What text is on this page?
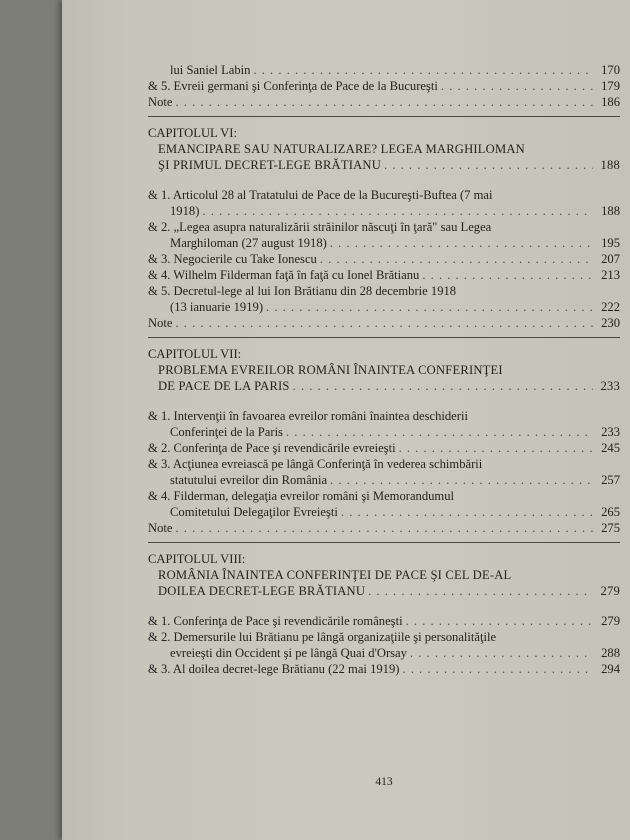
lui Saniel Labin . . .	170
& 5. Evreii germani şi Conferinţa de Pace de la Bucureşti . . .	179
Note . . .	186
CAPITOLUL VI:
EMANCIPARE SAU NATURALIZARE? LEGEA MARGHILOMAN
ŞI PRIMUL DECRET-LEGE BRĂTIANU . . .	188
& 1. Articolul 28 al Tratatului de Pace de la Bucureşti-Buftea (7 mai
1918) . . .	188
& 2. „Legea asupra naturalizării străinilor născuţi în ţară" sau Legea
Marghiloman (27 august 1918) . . .	195
& 3. Negocierile cu Take Ionescu . . .	207
& 4. Wilhelm Filderman faţă în faţă cu Ionel Brătianu . . .	213
& 5. Decretul-lege al lui Ion Brătianu din 28 decembrie 1918
(13 ianuarie 1919) . . .	222
Note . . .	230
CAPITOLUL VII:
PROBLEMA EVREILOR ROMÂNI ÎNAINTEA CONFERINŢEI
DE PACE DE LA PARIS . . .	233
& 1. Intervenţii în favoarea evreilor români înaintea deschiderii
Conferinţei de la Paris . . .	233
& 2. Conferinţa de Pace şi revendicările evreieşti . . .	245
& 3. Acţiunea evreiască pe lângă Conferinţă în vederea schimbării
statutului evreilor din România . . .	257
& 4. Filderman, delegaţia evreilor români şi Memorandumul
Comitetului Delegaţilor Evreieşti . . .	265
Note . . .	275
CAPITOLUL VIII:
ROMÂNIA ÎNAINTEA CONFERINŢEI DE PACE ŞI CEL DE-AL
DOILEA DECRET-LEGE BRĂTIANU . . .	279
& 1. Conferinţa de Pace şi revendicările româneşti . . .	279
& 2. Demersurile lui Brătianu pe lângă organizaţiile şi personalităţile
evreieşti din Occident şi pe lângă Quai d'Orsay . . .	288
& 3. Al doilea decret-lege Brătianu (22 mai 1919) . . .	294
413
